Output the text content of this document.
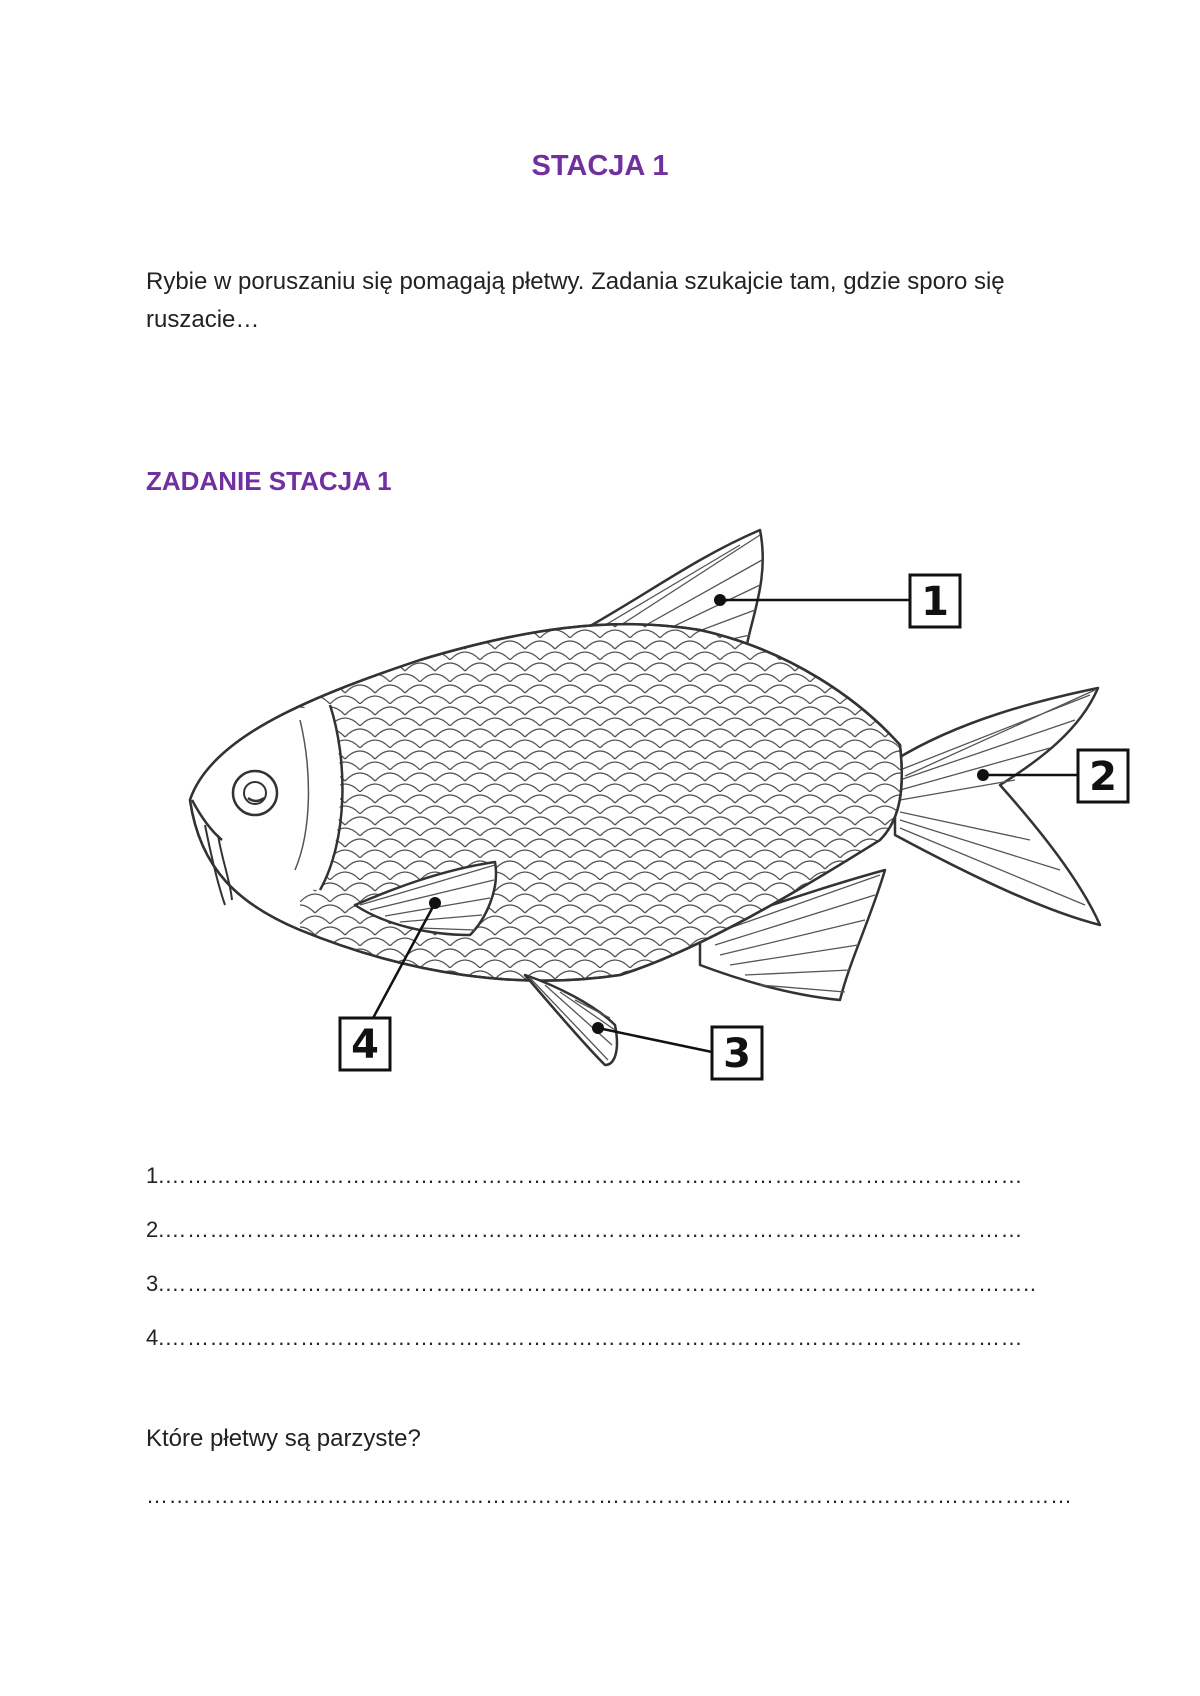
STACJA 1
Rybie w poruszaniu się pomagają płetwy. Zadania szukajcie tam, gdzie sporo się ruszacie…
ZADANIE STACJA 1
1
2
3
4
1.……………………………………………………………………………………………………
2.……………………………………………………………………………………………………
3.……………………………………………………………………………………………………..
4.……………………………………………………………………………………………………
Które płetwy są parzyste?
……………………………………………………………………………………………………………
